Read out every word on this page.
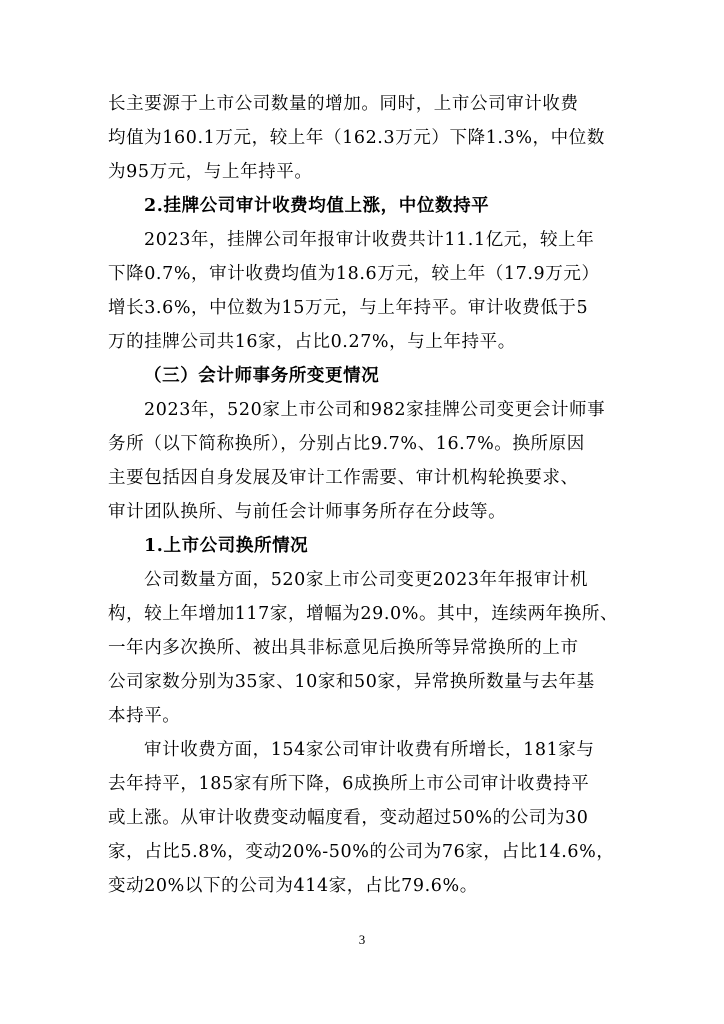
长主要源于上市公司数量的增加。同时，上市公司审计收费
均值为160.1万元，较上年（162.3万元）下降1.3%，中位数
为95万元，与上年持平。
2.挂牌公司审计收费均值上涨，中位数持平
2023年，挂牌公司年报审计收费共计11.1亿元，较上年
下降0.7%，审计收费均值为18.6万元，较上年（17.9万元）
增长3.6%，中位数为15万元，与上年持平。审计收费低于5
万的挂牌公司共16家，占比0.27%，与上年持平。
（三）会计师事务所变更情况
2023年，520家上市公司和982家挂牌公司变更会计师事
务所（以下简称换所），分别占比9.7%、16.7%。换所原因
主要包括因自身发展及审计工作需要、审计机构轮换要求、
审计团队换所、与前任会计师事务所存在分歧等。
1.上市公司换所情况
公司数量方面，520家上市公司变更2023年年报审计机
构，较上年增加117家，增幅为29.0%。其中，连续两年换所、
一年内多次换所、被出具非标意见后换所等异常换所的上市
公司家数分别为35家、10家和50家，异常换所数量与去年基
本持平。
审计收费方面，154家公司审计收费有所增长，181家与
去年持平，185家有所下降，6成换所上市公司审计收费持平
或上涨。从审计收费变动幅度看，变动超过50%的公司为30
家，占比5.8%，变动20%-50%的公司为76家，占比14.6%，
变动20%以下的公司为414家，占比79.6%。
3
